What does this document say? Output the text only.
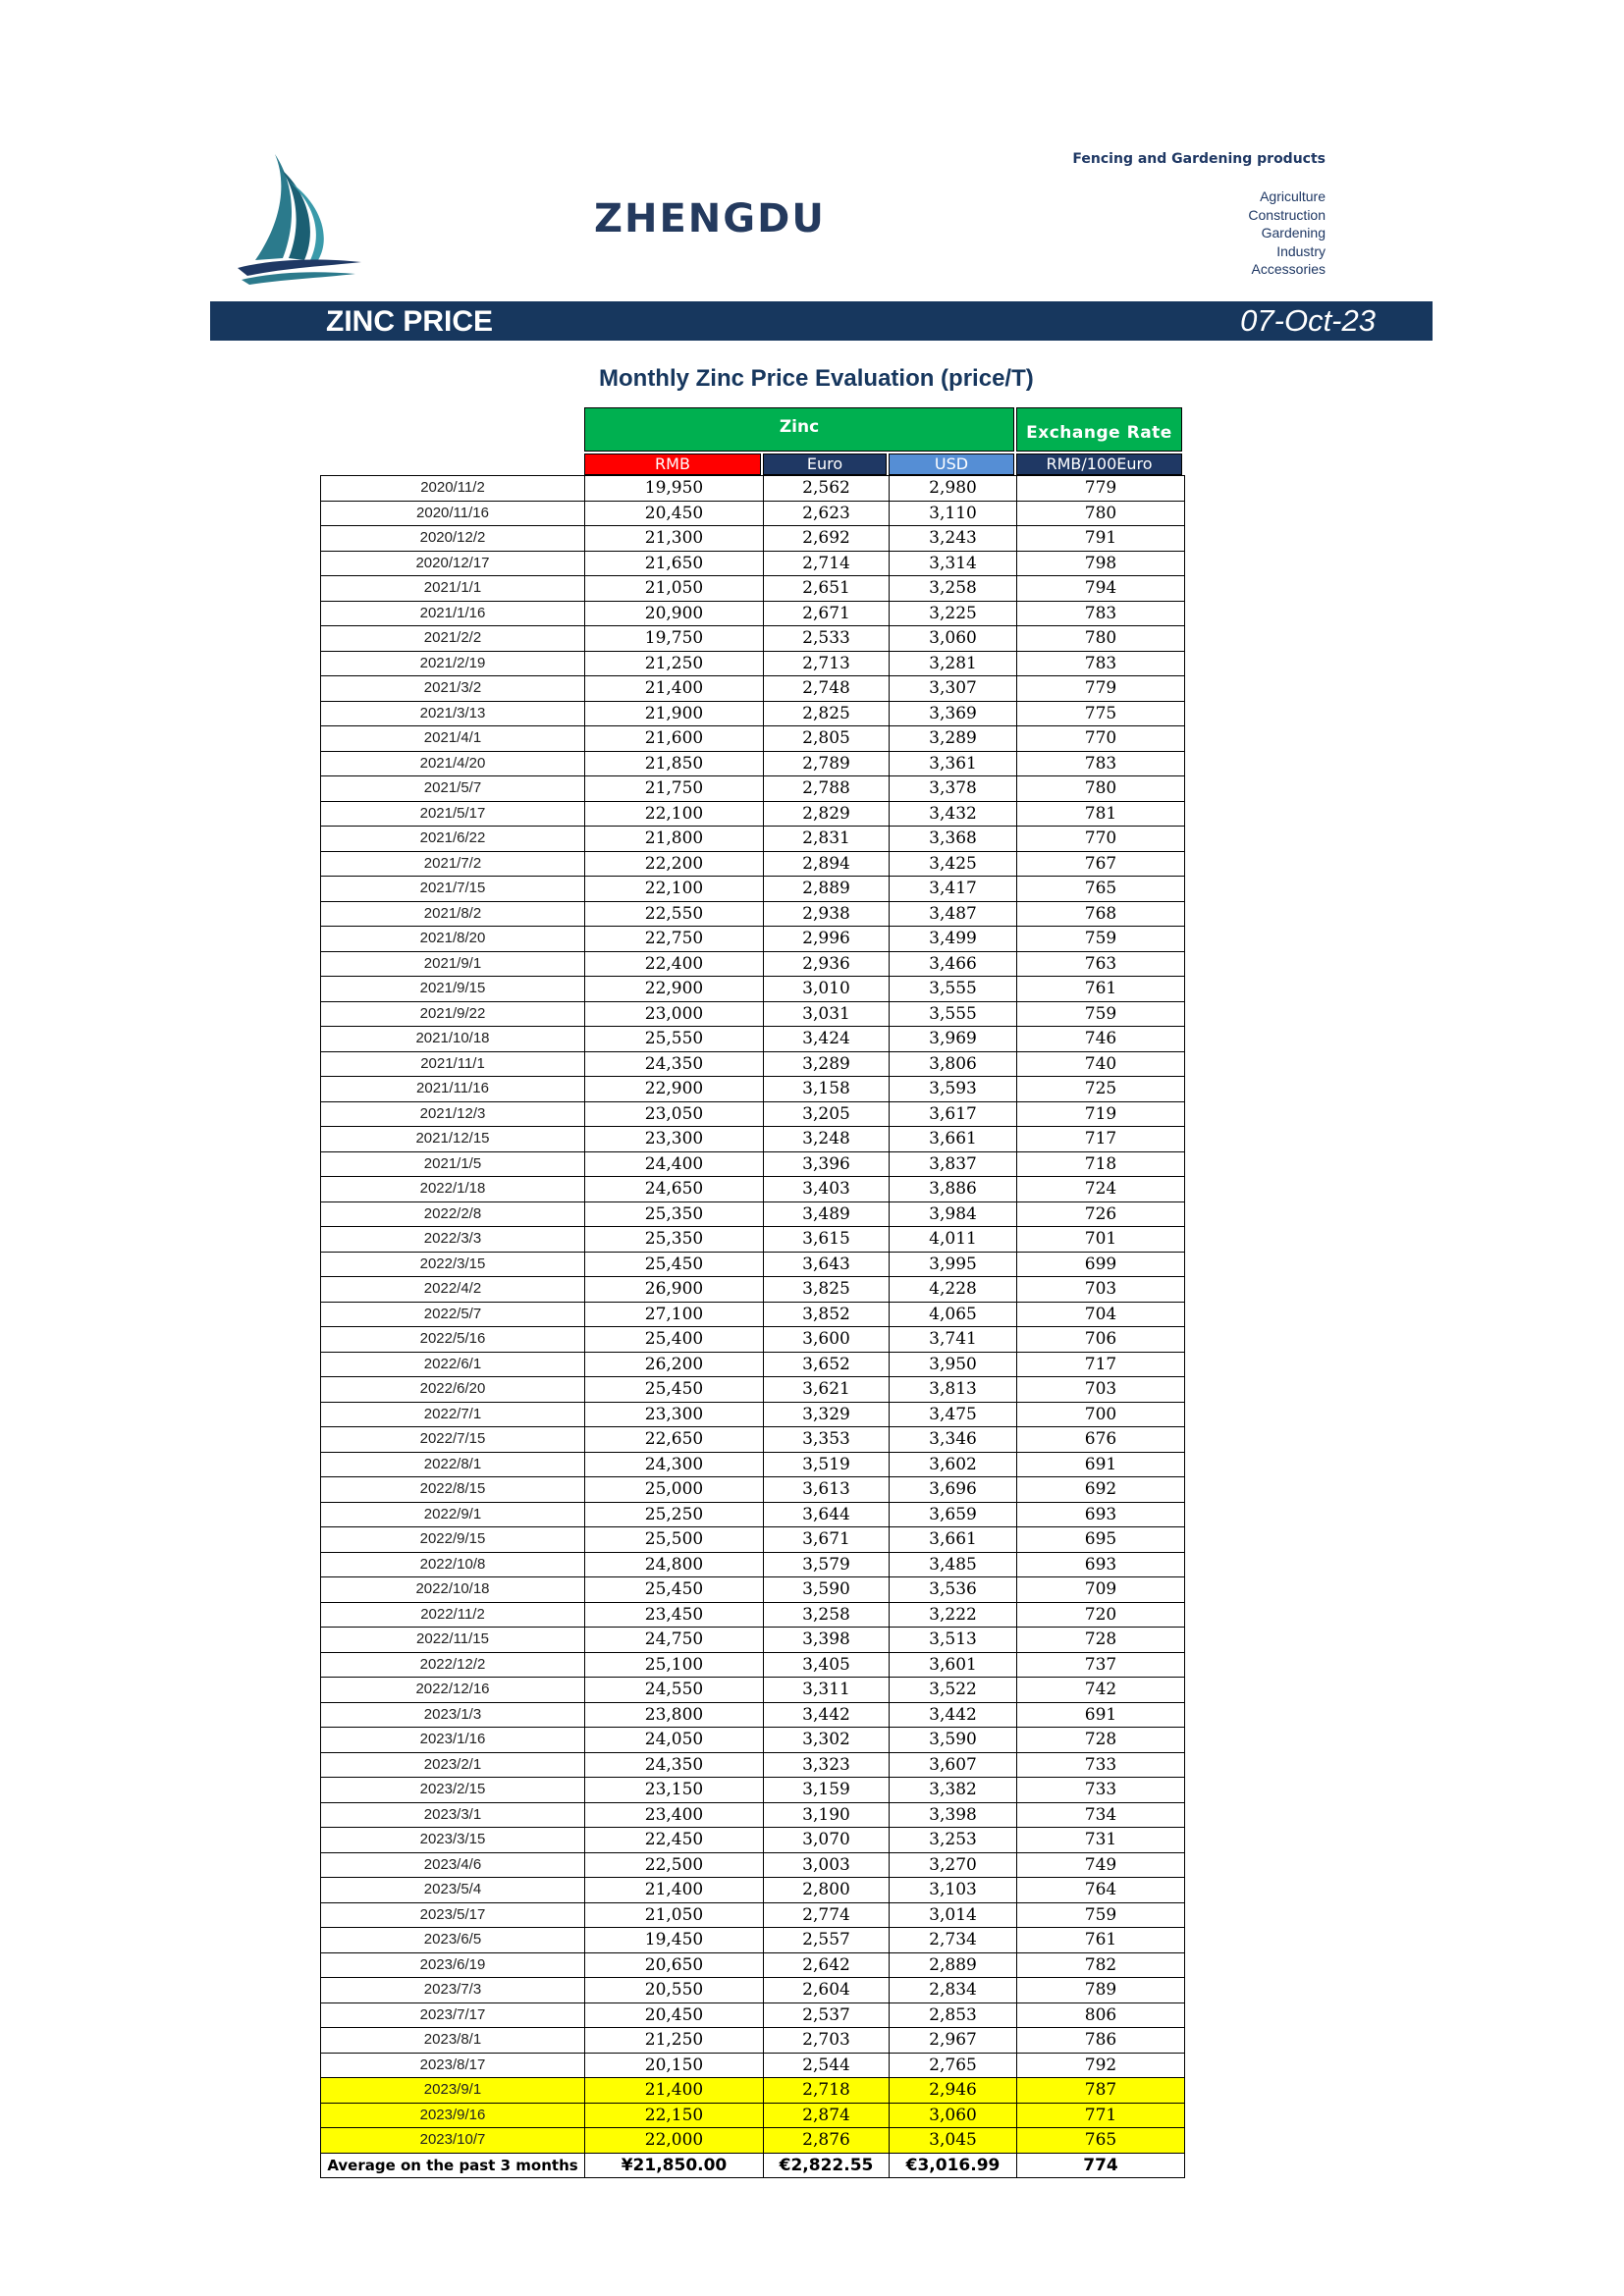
ZHENGDU
Fencing and Gardening products
Agriculture
Construction
Gardening
Industry
Accessories
ZINC PRICE	07-Oct-23
Monthly Zinc Price Evaluation (price/T)
Zinc	Exchange Rate
RMB	Euro	USD	RMB/100Euro
2020/11/2	19,950	2,562	2,980	779
2020/11/16	20,450	2,623	3,110	780
2020/12/2	21,300	2,692	3,243	791
2020/12/17	21,650	2,714	3,314	798
2021/1/1	21,050	2,651	3,258	794
2021/1/16	20,900	2,671	3,225	783
2021/2/2	19,750	2,533	3,060	780
2021/2/19	21,250	2,713	3,281	783
2021/3/2	21,400	2,748	3,307	779
2021/3/13	21,900	2,825	3,369	775
2021/4/1	21,600	2,805	3,289	770
2021/4/20	21,850	2,789	3,361	783
2021/5/7	21,750	2,788	3,378	780
2021/5/17	22,100	2,829	3,432	781
2021/6/22	21,800	2,831	3,368	770
2021/7/2	22,200	2,894	3,425	767
2021/7/15	22,100	2,889	3,417	765
2021/8/2	22,550	2,938	3,487	768
2021/8/20	22,750	2,996	3,499	759
2021/9/1	22,400	2,936	3,466	763
2021/9/15	22,900	3,010	3,555	761
2021/9/22	23,000	3,031	3,555	759
2021/10/18	25,550	3,424	3,969	746
2021/11/1	24,350	3,289	3,806	740
2021/11/16	22,900	3,158	3,593	725
2021/12/3	23,050	3,205	3,617	719
2021/12/15	23,300	3,248	3,661	717
2021/1/5	24,400	3,396	3,837	718
2022/1/18	24,650	3,403	3,886	724
2022/2/8	25,350	3,489	3,984	726
2022/3/3	25,350	3,615	4,011	701
2022/3/15	25,450	3,643	3,995	699
2022/4/2	26,900	3,825	4,228	703
2022/5/7	27,100	3,852	4,065	704
2022/5/16	25,400	3,600	3,741	706
2022/6/1	26,200	3,652	3,950	717
2022/6/20	25,450	3,621	3,813	703
2022/7/1	23,300	3,329	3,475	700
2022/7/15	22,650	3,353	3,346	676
2022/8/1	24,300	3,519	3,602	691
2022/8/15	25,000	3,613	3,696	692
2022/9/1	25,250	3,644	3,659	693
2022/9/15	25,500	3,671	3,661	695
2022/10/8	24,800	3,579	3,485	693
2022/10/18	25,450	3,590	3,536	709
2022/11/2	23,450	3,258	3,222	720
2022/11/15	24,750	3,398	3,513	728
2022/12/2	25,100	3,405	3,601	737
2022/12/16	24,550	3,311	3,522	742
2023/1/3	23,800	3,442	3,442	691
2023/1/16	24,050	3,302	3,590	728
2023/2/1	24,350	3,323	3,607	733
2023/2/15	23,150	3,159	3,382	733
2023/3/1	23,400	3,190	3,398	734
2023/3/15	22,450	3,070	3,253	731
2023/4/6	22,500	3,003	3,270	749
2023/5/4	21,400	2,800	3,103	764
2023/5/17	21,050	2,774	3,014	759
2023/6/5	19,450	2,557	2,734	761
2023/6/19	20,650	2,642	2,889	782
2023/7/3	20,550	2,604	2,834	789
2023/7/17	20,450	2,537	2,853	806
2023/8/1	21,250	2,703	2,967	786
2023/8/17	20,150	2,544	2,765	792
2023/9/1	21,400	2,718	2,946	787
2023/9/16	22,150	2,874	3,060	771
2023/10/7	22,000	2,876	3,045	765
Average on the past 3 months	¥21,850.00	€2,822.55	€3,016.99	774
